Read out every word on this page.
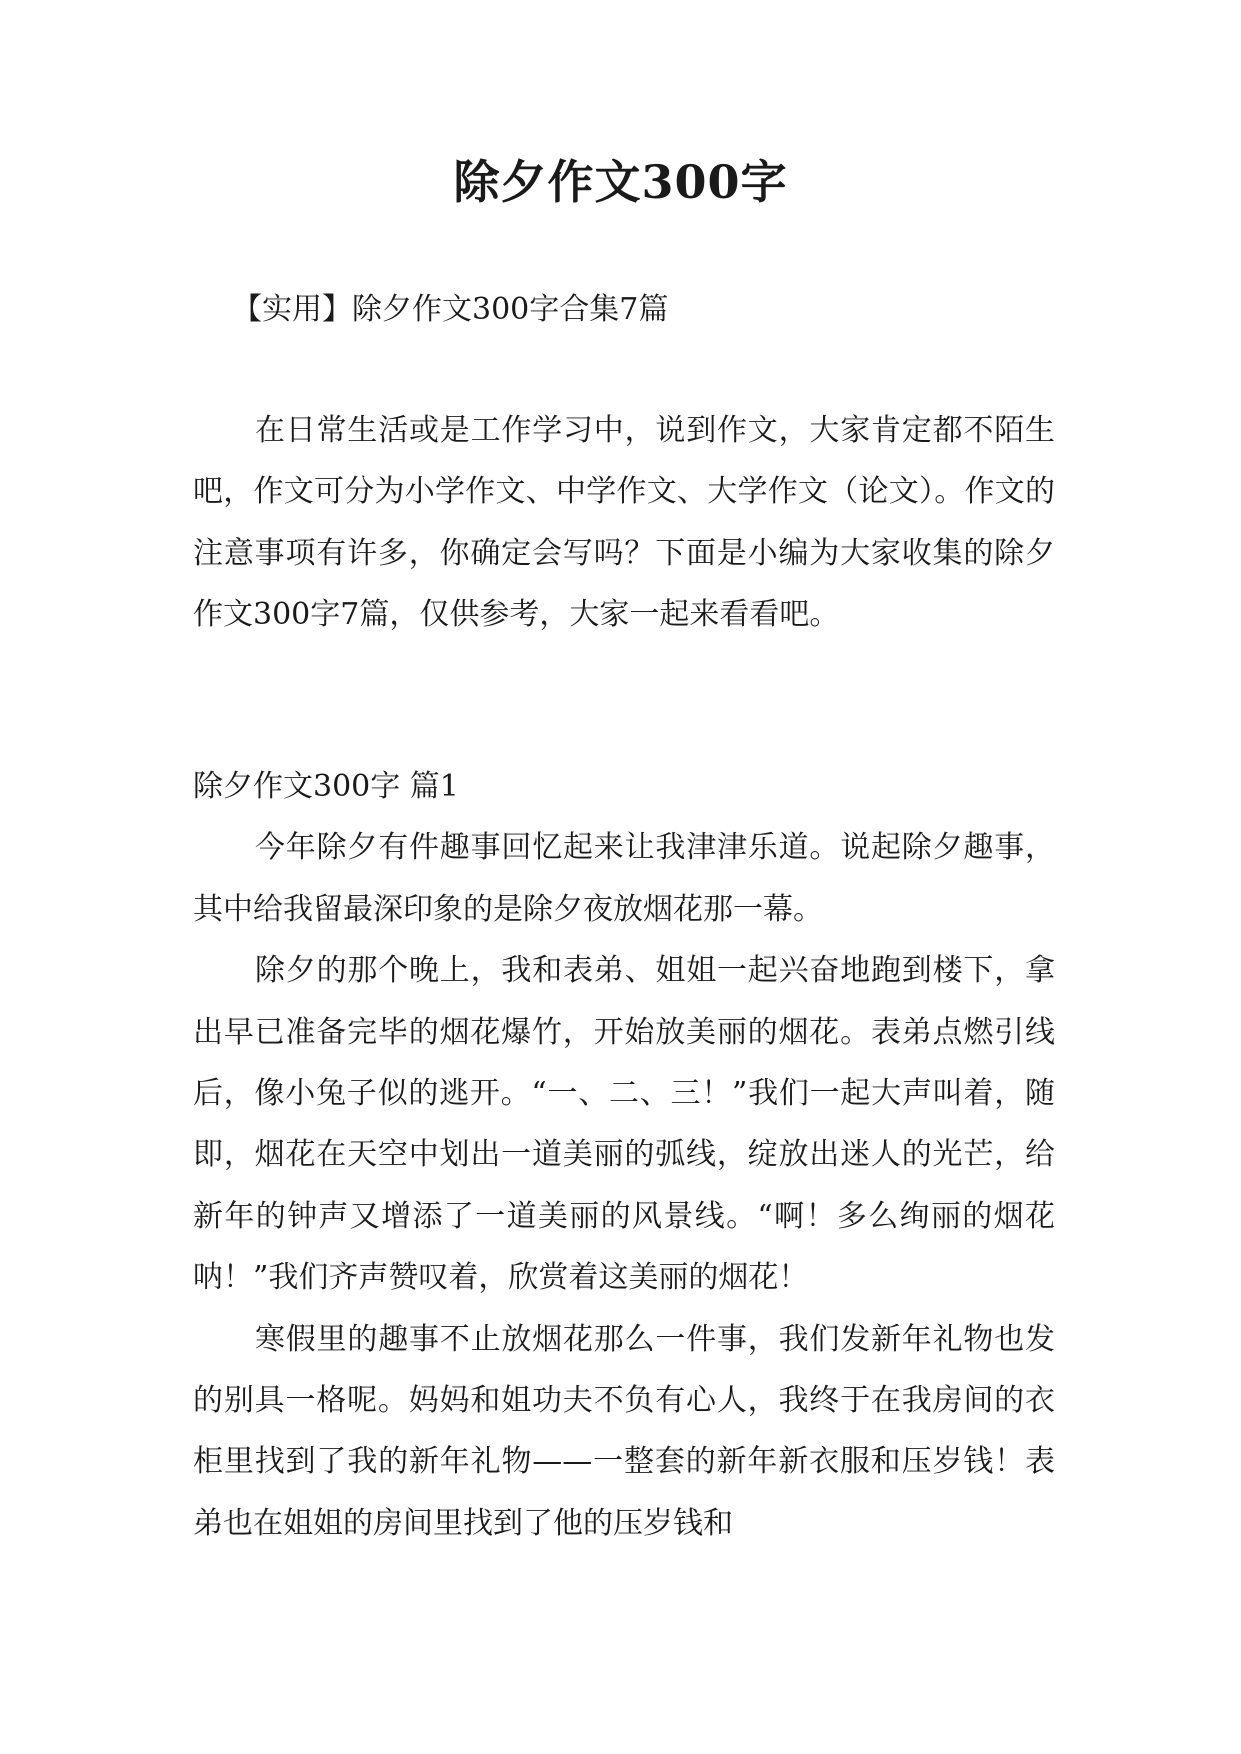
除夕作文300字
【实用】除夕作文300字合集7篇

在日常生活或是工作学习中，说到作文，大家肯定都不陌生吧，作文可分为小学作文、中学作文、大学作文（论文）。作文的注意事项有许多，你确定会写吗？下面是小编为大家收集的除夕作文300字7篇，仅供参考，大家一起来看看吧。

除夕作文300字 篇1

今年除夕有件趣事回忆起来让我津津乐道。说起除夕趣事，其中给我留最深印象的是除夕夜放烟花那一幕。

除夕的那个晚上，我和表弟、姐姐一起兴奋地跑到楼下，拿出早已准备完毕的烟花爆竹，开始放美丽的烟花。表弟点燃引线后，像小兔子似的逃开。“一、二、三！”我们一起大声叫着，随即，烟花在天空中划出一道美丽的弧线，绽放出迷人的光芒，给新年的钟声又增添了一道美丽的风景线。“啊！多么绚丽的烟花呐！”我们齐声赞叹着，欣赏着这美丽的烟花！

寒假里的趣事不止放烟花那么一件事，我们发新年礼物也发的别具一格呢。妈妈和姐功夫不负有心人，我终于在我房间的衣柜里找到了我的新年礼物——一整套的新年新衣服和压岁钱！表弟也在姐姐的房间里找到了他的压岁钱和
